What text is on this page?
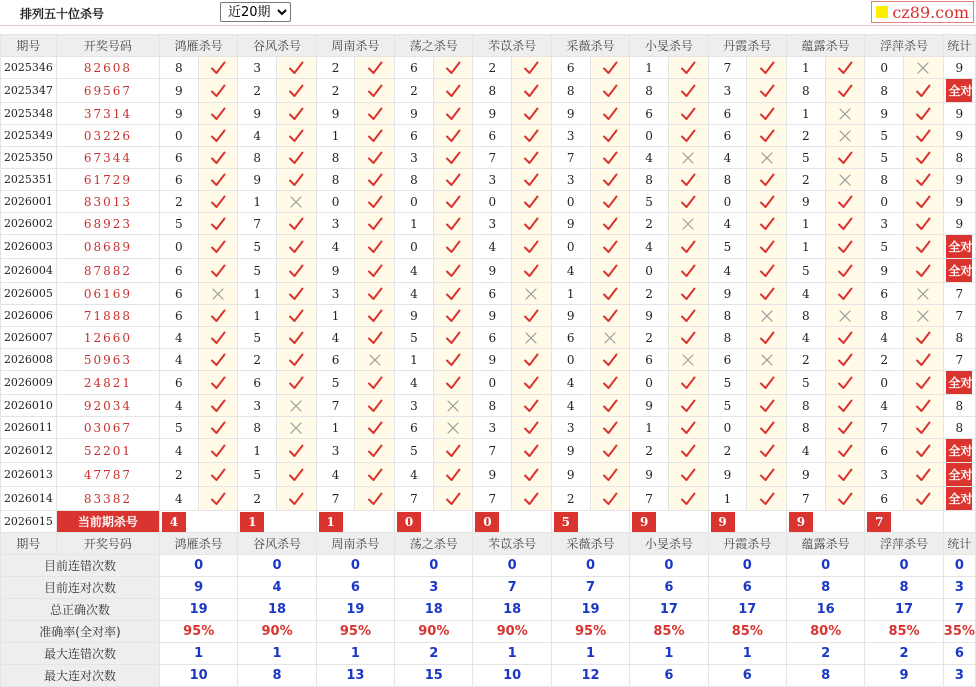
排列五十位杀号
近20期	cz89.com
期号	开奖号码	鸿雁杀号		谷风杀号		周南杀号		荡之杀号		芣苡杀号		采薇杀号		小旻杀号		丹霞杀号		蕴露杀号		浮萍杀号		统计
2025346	82608	8		3		2		6		2		6		1		7		1		0		9
2025347	69567	9		2		2		2		8		8		8		3		8		8		全对
2025348	37314	9		9		9		9		9		9		6		6		1		9		9
2025349	03226	0		4		1		6		6		3		0		6		2		5		9
2025350	67344	6		8		8		3		7		7		4		4		5		5		8
2025351	61729	6		9		8		8		3		3		8		8		2		8		9
2026001	83013	2		1		0		0		0		0		5		0		9		0		9
2026002	68923	5		7		3		1		3		9		2		4		1		3		9
2026003	08689	0		5		4		0		4		0		4		5		1		5		全对
2026004	87882	6		5		9		4		9		4		0		4		5		9		全对
2026005	06169	6		1		3		4		6		1		2		9		4		6		7
2026006	71888	6		1		1		9		9		9		9		8		8		8		7
2026007	12660	4		5		4		5		6		6		2		8		4		4		8
2026008	50963	4		2		6		1		9		0		6		6		2		2		7
2026009	24821	6		6		5		4		0		4		0		5		5		0		全对
2026010	92034	4		3		7		3		8		4		9		5		8		4		8
2026011	03067	5		8		1		6		3		3		1		0		8		7		8
2026012	52201	4		1		3		5		7		9		2		2		4		6		全对
2026013	47787	2		5		4		4		9		9		9		9		9		3		全对
2026014	83382	4		2		7		7		7		2		7		1		7		6		全对
2026015	当前期杀号	4		1		1		0		0		5		9		9		9		7		
期号	开奖号码	鸿雁杀号		谷风杀号		周南杀号		荡之杀号		芣苡杀号		采薇杀号		小旻杀号		丹霞杀号		蕴露杀号		浮萍杀号		统计
目前连错次数		0		0		0		0		0		0		0		0		0		0		0
目前连对次数		9		4		6		3		7		7		6		6		8		8		3
总正确次数		19		18		19		18		18		19		17		17		16		17		7
准确率(全对率)		95%		90%		95%		90%		90%		95%		85%		85%		80%		85%		35%
最大连错次数		1		1		1		2		1		1		1		1		2		2		6
最大连对次数		10		8		13		15		10		12		6		6		8		9		3
